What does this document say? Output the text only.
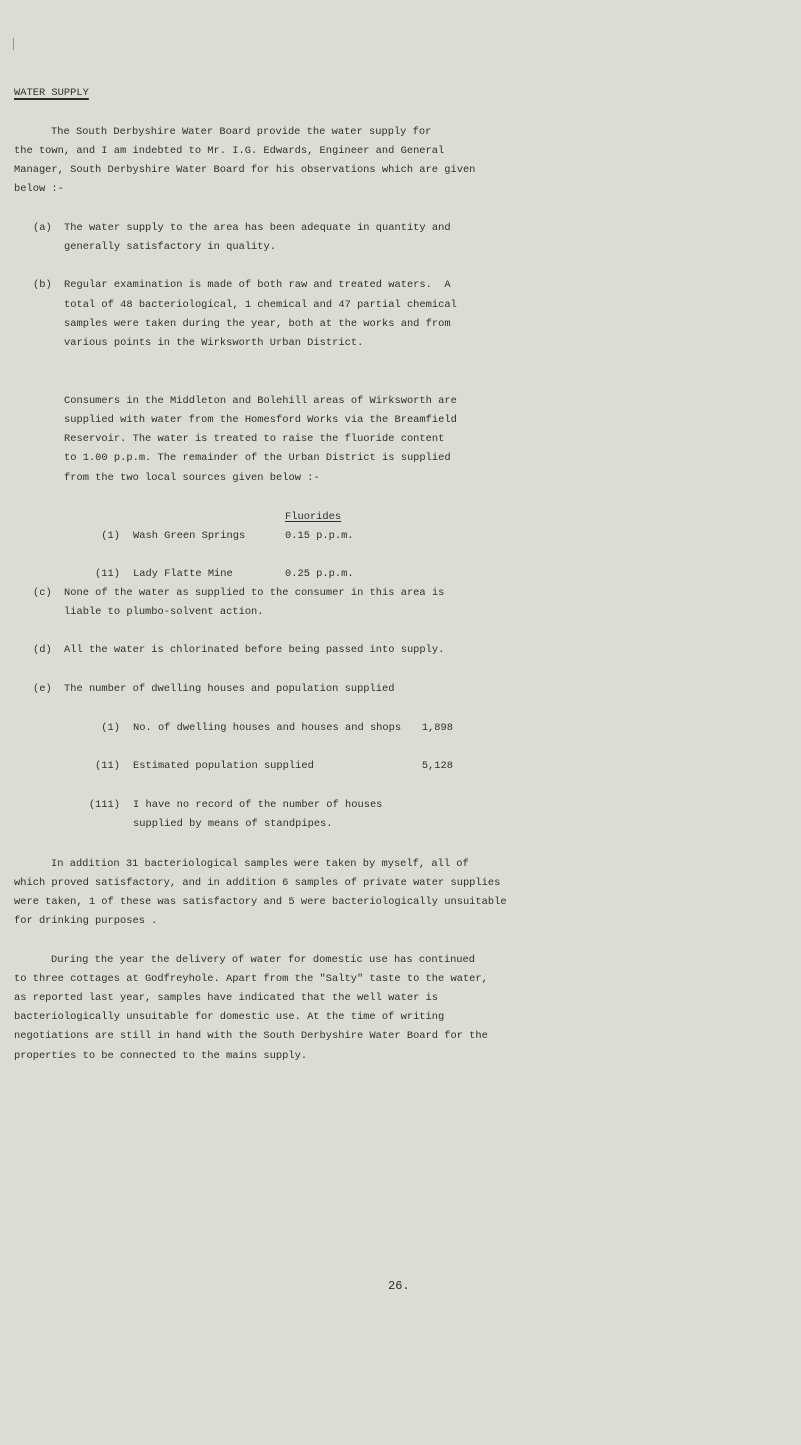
WATER SUPPLY
The South Derbyshire Water Board provide the water supply for
the town, and I am indebted to Mr. I.G. Edwards, Engineer and General
Manager, South Derbyshire Water Board for his observations which are given
below :-
(a) The water supply to the area has been adequate in quantity and
generally satisfactory in quality.
(b) Regular examination is made of both raw and treated waters.  A
total of 48 bacteriological, 1 chemical and 47 partial chemical
samples were taken during the year, both at the works and from
various points in the Wirksworth Urban District.
Consumers in the Middleton and Bolehill areas of Wirksworth are
supplied with water from the Homesford Works via the Breamfield
Reservoir. The water is treated to raise the fluoride content
to 1.00 p.p.m. The remainder of the Urban District is supplied
from the two local sources given below :-
Fluorides
(1) Wash Green Springs	0.15 p.p.m.
(11) Lady Flatte Mine	0.25 p.p.m.
(c) None of the water as supplied to the consumer in this area is
liable to plumbo-solvent action.
(d) All the water is chlorinated before being passed into supply.
(e) The number of dwelling houses and population supplied
(1) No. of dwelling houses and houses and shops	1,898
(11) Estimated population supplied	5,128
(111) I have no record of the number of houses
supplied by means of standpipes.
In addition 31 bacteriological samples were taken by myself, all of
which proved satisfactory, and in addition 6 samples of private water supplies
were taken, 1 of these was satisfactory and 5 were bacteriologically unsuitable
for drinking purposes .
During the year the delivery of water for domestic use has continued
to three cottages at Godfreyhole. Apart from the "Salty" taste to the water,
as reported last year, samples have indicated that the well water is
bacteriologically unsuitable for domestic use. At the time of writing
negotiations are still in hand with the South Derbyshire Water Board for the
properties to be connected to the mains supply.
26.
